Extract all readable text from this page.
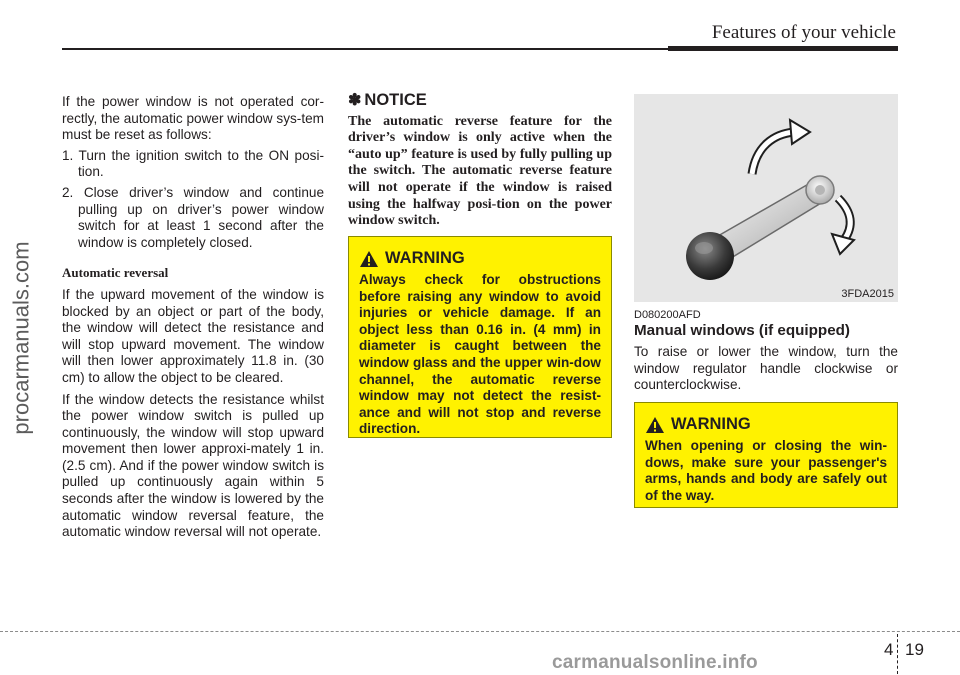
Features of your vehicle
procarmanuals.com

If the power window is not operated cor-rectly, the automatic power window sys-tem must be reset as follows:

1. Turn the ignition switch to the ON posi-tion.

2. Close driver’s window and continue pulling up on driver’s power window switch for at least 1 second after the window is completely closed.

Automatic reversal

If the upward movement of the window is blocked by an object or part of the body, the window will detect the resistance and will stop upward movement. The window will then lower approximately 11.8 in. (30 cm) to allow the object to be cleared.

If the window detects the resistance whilst the power window switch is pulled up continuously, the window will stop upward movement then lower approxi-mately 1 in. (2.5 cm). And if the power window switch is pulled up continuously again within 5 seconds after the window is lowered by the automatic window reversal feature, the automatic window reversal will not operate.

✽ NOTICE

The automatic reverse feature for the driver’s window is only active when the “auto up” feature is used by fully pulling up the switch. The automatic reverse feature will not operate if the window is raised using the halfway posi-tion on the power window switch.

WARNING

Always check for obstructions before raising any window to avoid injuries or vehicle damage. If an object less than 0.16 in. (4 mm) in diameter is caught between the window glass and the upper win-dow channel, the automatic reverse window may not detect the resist-ance and will not stop and reverse direction.

3FDA2015
D080200AFD
Manual windows (if equipped)

To raise or lower the window, turn the window regulator handle clockwise or counterclockwise.

WARNING

When opening or closing the win-dows, make sure your passenger's arms, hands and body are safely out of the way.

4 19
carmanualsonline.info
